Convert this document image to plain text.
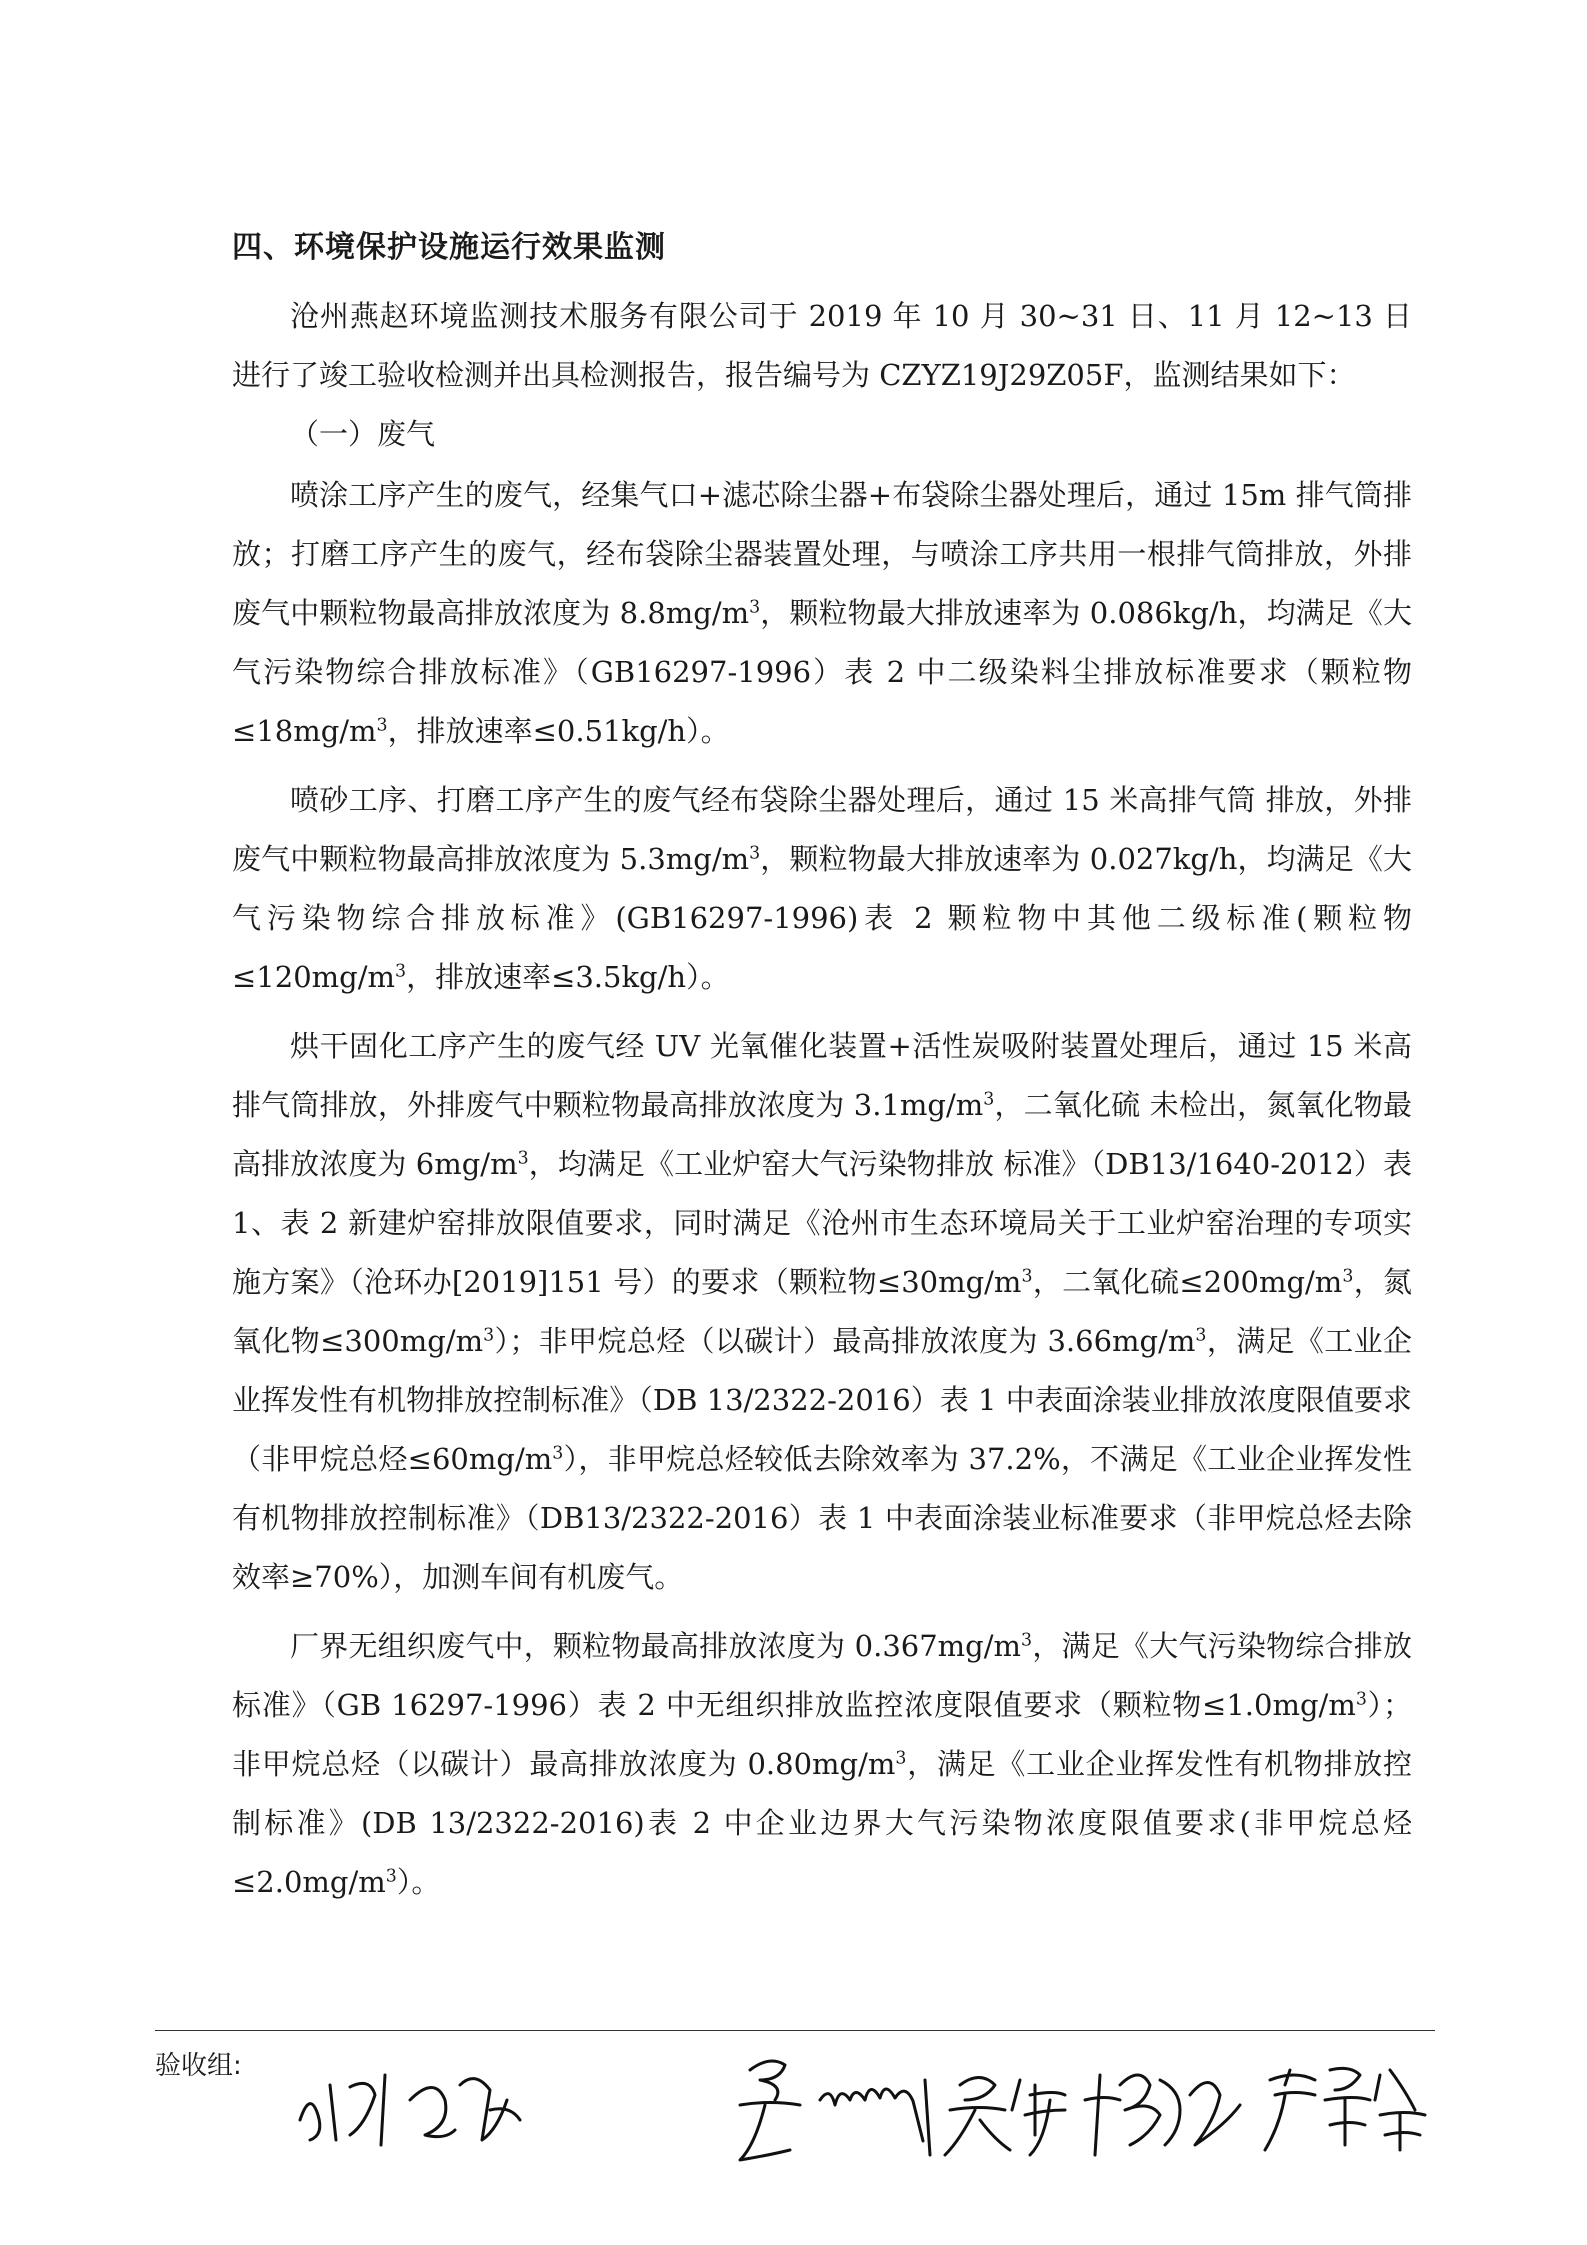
四、环境保护设施运行效果监测

沧州燕赵环境监测技术服务有限公司于 2019 年 10 月 30~31 日、11 月 12~13 日进行了竣工验收检测并出具检测报告，报告编号为 CZYZ19J29Z05F，监测结果如下：

（一）废气

喷涂工序产生的废气，经集气口+滤芯除尘器+布袋除尘器处理后，通过 15m 排气筒排放；打磨工序产生的废气，经布袋除尘器装置处理，与喷涂工序共用一根排气筒排放，外排废气中颗粒物最高排放浓度为 $8.8mg/m^3$，颗粒物最大排放速率为 0.086kg/h，均满足《大气污染物综合排放标准》（GB16297-1996）表 2 中二级染料尘排放标准要求（颗粒物$\le 18mg/m^3$，排放速率≤0.51kg/h）。

喷砂工序、打磨工序产生的废气经布袋除尘器处理后，通过 15 米高排气筒 排放，外排废气中颗粒物最高排放浓度为 $5.3mg/m^3$，颗粒物最大排放速率为 0.027kg/h，均满足《大气污染物综合排放标准》(GB16297-1996)表 2 颗粒物中其他二级标准(颗粒物$\le 120mg/m^3$，排放速率≤3.5kg/h）。

烘干固化工序产生的废气经 UV 光氧催化装置+活性炭吸附装置处理后，通过 15 米高排气筒排放，外排废气中颗粒物最高排放浓度为 $3.1mg/m^3$，二氧化硫 未检出，氮氧化物最高排放浓度为 $6mg/m^3$，均满足《工业炉窑大气污染物排放 标准》（DB13/1640-2012）表 1、表 2 新建炉窑排放限值要求，同时满足《沧州市生态环境局关于工业炉窑治理的专项实施方案》（沧环办[2019]151 号）的要求（颗粒物$\le 30mg/m^3$，二氧化硫$\le 200mg/m^3$，氮氧化物$\le 300mg/m^3$）；非甲烷总烃（以碳计）最高排放浓度为 $3.66mg/m^3$，满足《工业企业挥发性有机物排放控制标准》（DB 13/2322-2016）表 1 中表面涂装业排放浓度限值要求（非甲烷总烃$\le 60mg/m^3$），非甲烷总烃较低去除效率为 37.2%，不满足《工业企业挥发性有机物排放控制标准》（DB13/2322-2016）表 1 中表面涂装业标准要求（非甲烷总烃去除效率≥70%），加测车间有机废气。

厂界无组织废气中，颗粒物最高排放浓度为 $0.367mg/m^3$，满足《大气污染物综合排放标准》（GB 16297-1996）表 2 中无组织排放监控浓度限值要求（颗粒物$\le 1.0mg/m^3$）；非甲烷总烃（以碳计）最高排放浓度为 $0.80mg/m^3$，满足《工业企业挥发性有机物排放控制标准》(DB 13/2322-2016)表 2 中企业边界大气污染物浓度限值要求(非甲烷总烃$\le 2.0mg/m^3$）。

验收组:
